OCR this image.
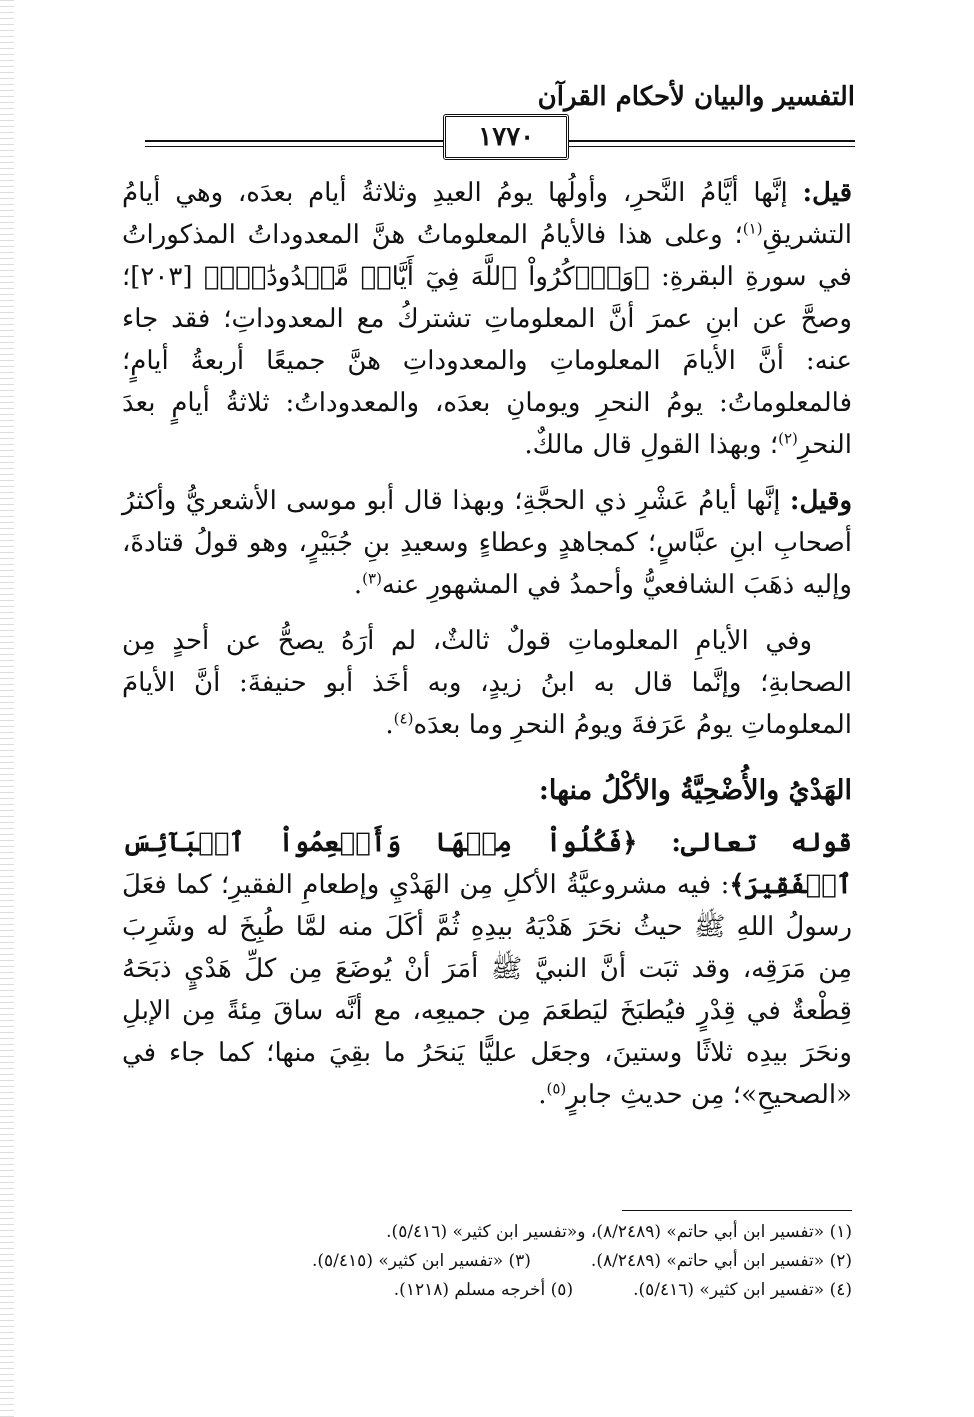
التفسير والبيان لأحكام القرآن
١٧٧٠

قيل: إنَّها أيَّامُ النَّحرِ، وأولُها يومُ العيدِ وثلاثةُ أيام بعدَه، وهي أيامُ التشريقِ$^{(١)}$؛ وعلى هذا فالأيامُ المعلوماتُ هنَّ المعدوداتُ المذكوراتُ في سورةِ البقرةِ: ﴿وَٱذۡكُرُواْ ٱللَّهَ فِيٓ أَيَّامٖ مَّعۡدُودَٰتٖۚ﴾ [٢٠٣]؛ وصحَّ عن ابنِ عمرَ أنَّ المعلوماتِ تشتركُ مع المعدوداتِ؛ فقد جاء عنه: أنَّ الأيامَ المعلوماتِ والمعدوداتِ هنَّ جميعًا أربعةُ أيامٍ؛ فالمعلوماتُ: يومُ النحرِ ويومانِ بعدَه، والمعدوداتُ: ثلاثةُ أيامٍ بعدَ النحرِ$^{(٢)}$؛ وبهذا القولِ قال مالكٌ.

وقيل: إنَّها أيامُ عَشْرِ ذي الحجَّةِ؛ وبهذا قال أبو موسى الأشعريُّ وأكثرُ أصحابِ ابنِ عبَّاسٍ؛ كمجاهدٍ وعطاءٍ وسعيدِ بنِ جُبَيْرٍ، وهو قولُ قتادةَ، وإليه ذهَبَ الشافعيُّ وأحمدُ في المشهورِ عنه$^{(٣)}$.

وفي الأيامِ المعلوماتِ قولٌ ثالثٌ، لم أرَهُ يصحُّ عن أحدٍ مِن الصحابةِ؛ وإنَّما قال به ابنُ زيدٍ، وبه أخَذ أبو حنيفةَ: أنَّ الأيامَ المعلوماتِ يومُ عَرَفةَ ويومُ النحرِ وما بعدَه$^{(٤)}$.

الهَدْيُ والأُضْحِيَّةُ والأكْلُ منها:

قوله تعالى: ﴿فَكُلُواْ مِنۡهَا وَأَطۡعِمُواْ ٱلۡبَآئِسَ ٱلۡفَقِيرَ﴾: فيه مشروعيَّةُ الأكلِ مِن الهَدْيِ وإطعامِ الفقيرِ؛ كما فعَلَ رسولُ اللهِ ﷺ حيثُ نحَرَ هَدْيَهُ بيدِهِ ثُمَّ أكَلَ منه لمَّا طُبِخَ له وشَرِبَ مِن مَرَقِه، وقد ثبَت أنَّ النبيَّ ﷺ أمَرَ أنْ يُوضَعَ مِن كلِّ هَدْيٍ ذبَحَهُ قِطْعةٌ في قِدْرٍ فيُطبَخَ ليَطعَمَ مِن جميعِه، مع أنَّه ساقَ مِئةً مِن الإبلِ ونحَرَ بيدِه ثلاثًا وستينَ، وجعَل عليًّا يَنحَرُ ما بقِيَ منها؛ كما جاء في «الصحيحِ»؛ مِن حديثِ جابرٍ$^{(٥)}$.

(١) «تفسير ابن أبي حاتم» (٨/٢٤٨٩)، و«تفسير ابن كثير» (٥/٤١٦).
(٢) «تفسير ابن أبي حاتم» (٨/٢٤٨٩).
(٣) «تفسير ابن كثير» (٥/٤١٥).
(٤) «تفسير ابن كثير» (٥/٤١٦).
(٥) أخرجه مسلم (١٢١٨).
